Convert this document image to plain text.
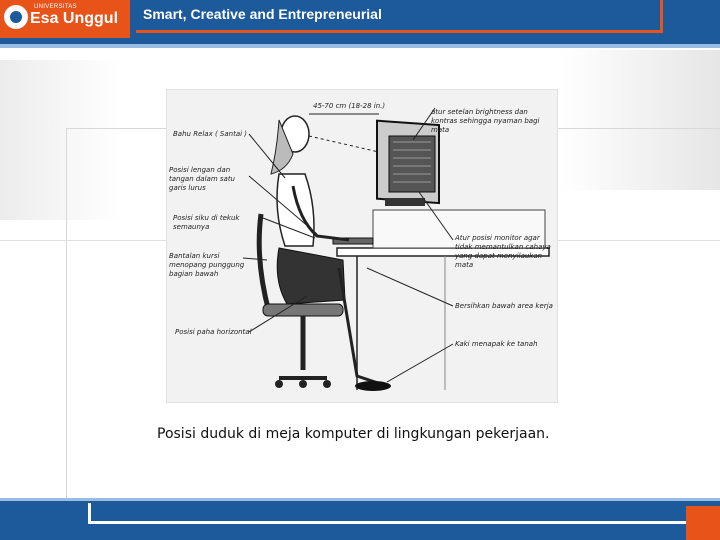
UNIVERSITAS
Esa Unggul Smart, Creative and Entrepreneurial
45-70 cm (18-28 in.)
Bahu Relax ( Santai )
Posisi lengan dan tangan dalam satu garis lurus
Posisi siku di tekuk semaunya
Bantalan kursi menopang punggung bagian bawah
Posisi paha horizontal
atur setelan brightness dan kontras sehingga nyaman bagi mata
Atur posisi monitor agar tidak memantulkan cahaya yang dapat menyilaukan mata
Bersihkan bawah area kerja
Kaki menapak ke tanah
Posisi duduk di meja komputer di lingkungan pekerjaan.
